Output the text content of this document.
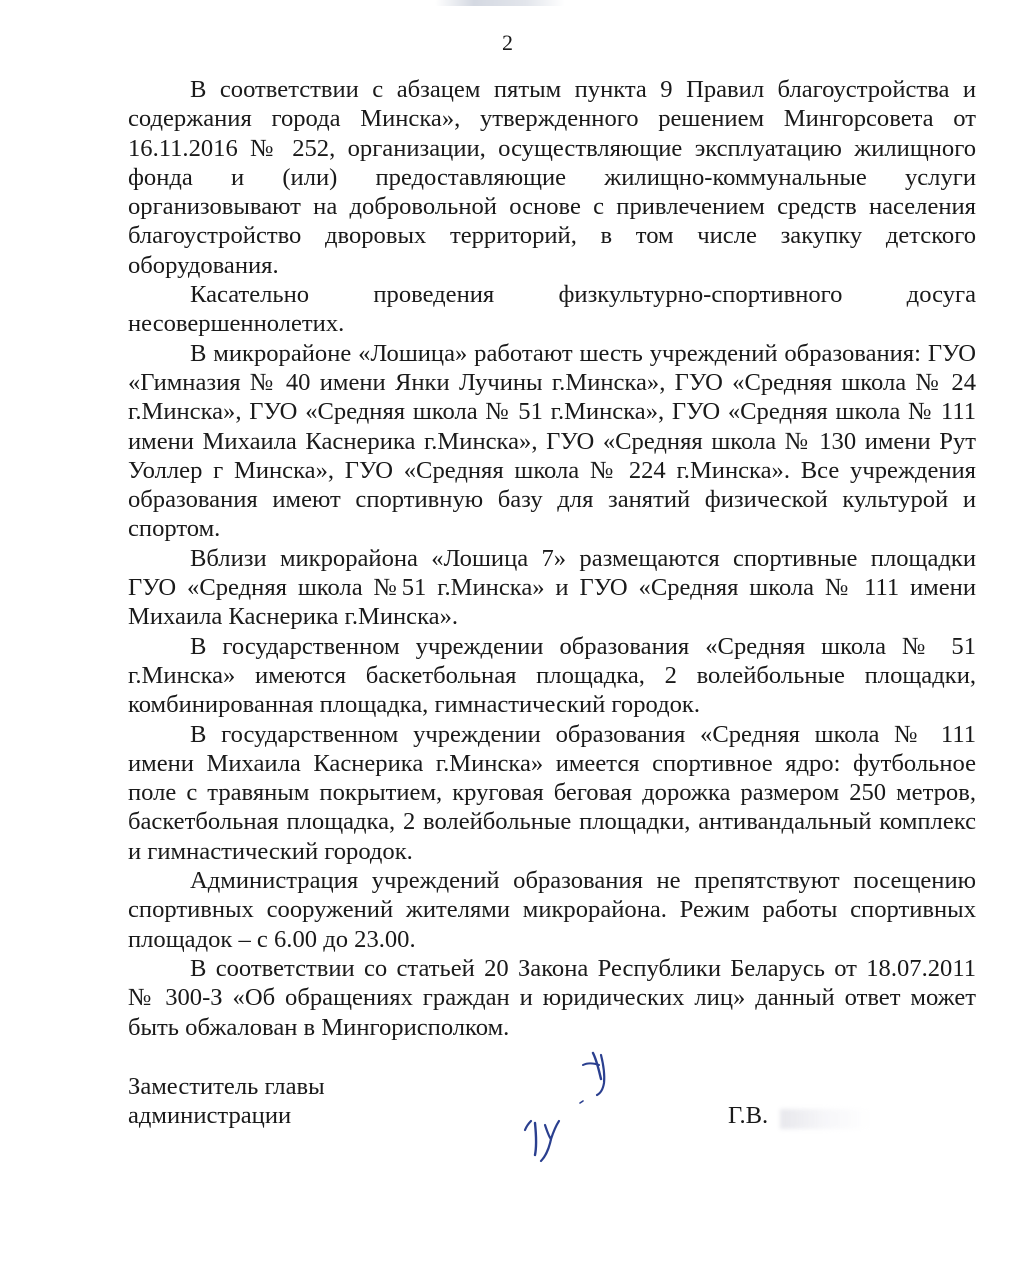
2

В соответствии с абзацем пятым пункта 9 Правил благоустройства и содержания города Минска», утвержденного решением Мингорсовета от 16.11.2016 № 252, организации, осуществляющие эксплуатацию жилищного фонда и (или) предоставляющие жилищно-коммунальные услуги организовывают на добровольной основе с привлечением средств населения благоустройство дворовых территорий, в том числе закупку детского оборудования.

Касательно проведения физкультурно-спортивного досуга несовершеннолетих.

В микрорайоне «Лошица» работают шесть учреждений образования: ГУО «Гимназия № 40 имени Янки Лучины г.Минска», ГУО «Средняя школа № 24 г.Минска», ГУО «Средняя школа № 51 г.Минска», ГУО «Средняя школа № 111 имени Михаила Каснерика г.Минска», ГУО «Средняя школа № 130 имени Рут Уоллер г Минска», ГУО «Средняя школа № 224 г.Минска». Все учреждения образования имеют спортивную базу для занятий физической культурой и спортом.

Вблизи микрорайона «Лошица 7» размещаются спортивные площадки ГУО «Средняя школа №51 г.Минска» и ГУО «Средняя школа № 111 имени Михаила Каснерика г.Минска».

В государственном учреждении образования «Средняя школа № 51 г.Минска» имеются баскетбольная площадка, 2 волейбольные площадки, комбинированная площадка, гимнастический городок.

В государственном учреждении образования «Средняя школа № 111 имени Михаила Каснерика г.Минска» имеется спортивное ядро: футбольное поле с травяным покрытием, круговая беговая дорожка размером 250 метров, баскетбольная площадка, 2 волейбольные площадки, антивандальный комплекс и гимнастический городок.

Администрация учреждений образования не препятствуют посещению спортивных сооружений жителями микрорайона. Режим работы спортивных площадок – с 6.00 до 23.00.

В соответствии со статьей 20 Закона Республики Беларусь от 18.07.2011 № 300-З «Об обращениях граждан и юридических лиц» данный ответ может быть обжалован в Мингорисполком.

Заместитель главы
администрации	Г.В.
